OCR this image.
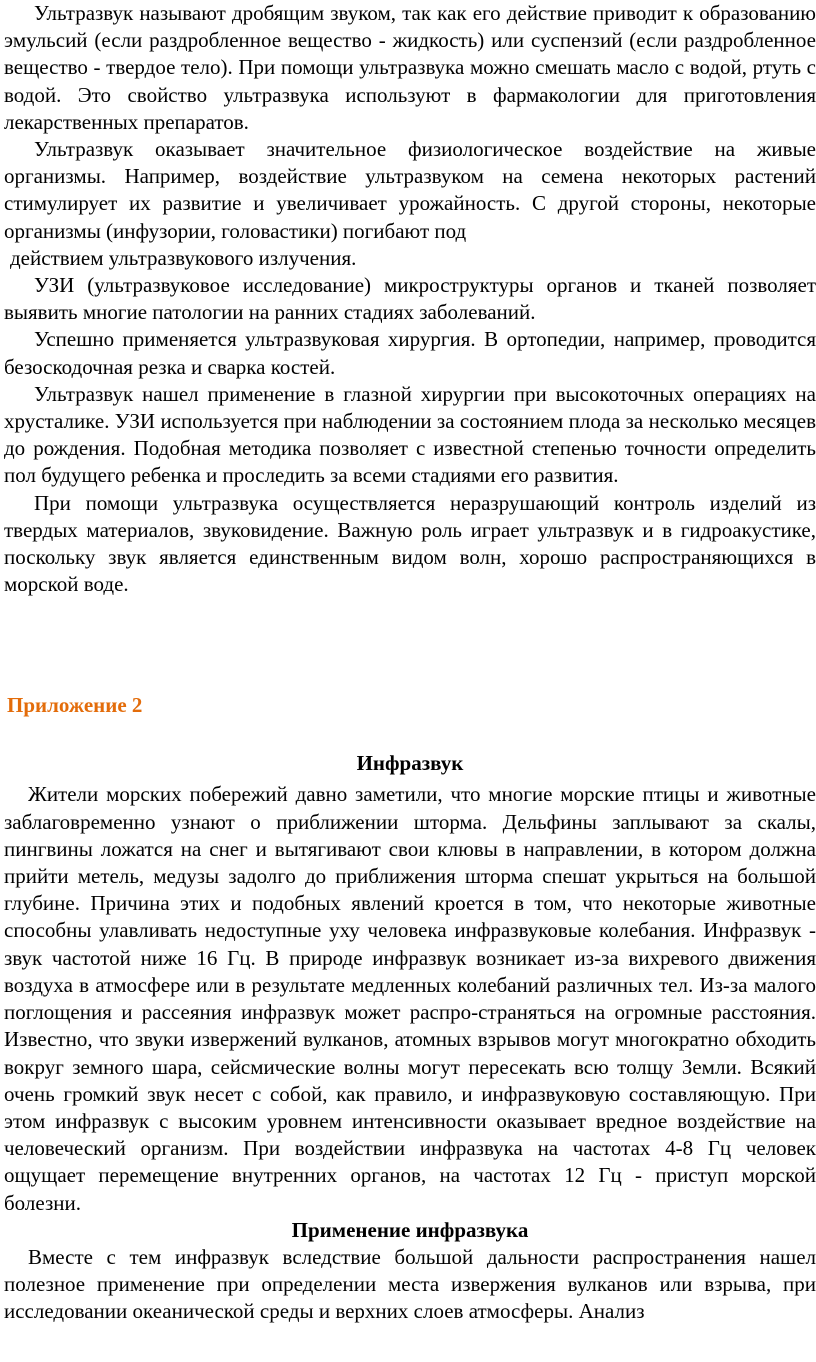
Ультразвук называют дробящим звуком, так как его действие приводит к образованию эмульсий (если раздробленное вещество - жидкость) или суспензий (если раздробленное вещество - твердое тело). При помощи ультразвука можно смешать масло с водой, ртуть с водой. Это свойство ультразвука используют в фармакологии для приготовления лекарственных препаратов.

Ультразвук оказывает значительное физиологическое воздействие на живые организмы. Например, воздействие ультразвуком на семена некоторых растений стимулирует их развитие и увеличивает урожайность. С другой стороны, некоторые организмы (инфузории, головастики) погибают под

действием ультразвукового излучения.

УЗИ (ультразвуковое исследование) микроструктуры органов и тканей позволяет выявить многие патологии на ранних стадиях заболеваний.

Успешно применяется ультразвуковая хирургия. В ортопедии, например, проводится безоскодочная резка и сварка костей.

Ультразвук нашел применение в глазной хирургии при высокоточных операциях на хрусталике. УЗИ используется при наблюдении за состоянием плода за несколько месяцев до рождения. Подобная методика позволяет с известной степенью точности определить пол будущего ребенка и проследить за всеми стадиями его развития.

При помощи ультразвука осуществляется неразрушающий контроль изделий из твердых материалов, звуковидение. Важную роль играет ультразвук и в гидроакустике, поскольку звук является единственным видом волн, хорошо распространяющихся в морской воде.

Приложение 2
Инфразвук

Жители морских побережий давно заметили, что многие морские птицы и животные заблаговременно узнают о приближении шторма. Дельфины заплывают за скалы, пингвины ложатся на снег и вытягивают свои клювы в направлении, в котором должна прийти метель, медузы задолго до приближения шторма спешат укрыться на большой глубине. Причина этих и подобных явлений кроется в том, что некоторые животные способны улавливать недоступные уху человека инфразвуковые колебания. Инфразвук - звук частотой ниже 16 Гц. В природе инфразвук возникает из-за вихревого движения воздуха в атмосфере или в результате медленных колебаний различных тел. Из-за малого поглощения и рассеяния инфразвук может распро-страняться на огромные расстояния. Известно, что звуки извержений вулканов, атомных взрывов могут многократно обходить вокруг земного шара, сейсмические волны могут пересекать всю толщу Земли. Всякий очень громкий звук несет с собой, как правило, и инфразвуковую составляющую. При этом инфразвук с высоким уровнем интенсивности оказывает вредное воздействие на человеческий организм. При воздействии инфразвука на частотах 4-8 Гц человек ощущает перемещение внутренних органов, на частотах 12 Гц - приступ морской болезни.

Применение инфразвука

Вместе с тем инфразвук вследствие большой дальности распространения нашел полезное применение при определении места извержения вулканов или взрыва, при исследовании океанической среды и верхних слоев атмосферы. Анализ
